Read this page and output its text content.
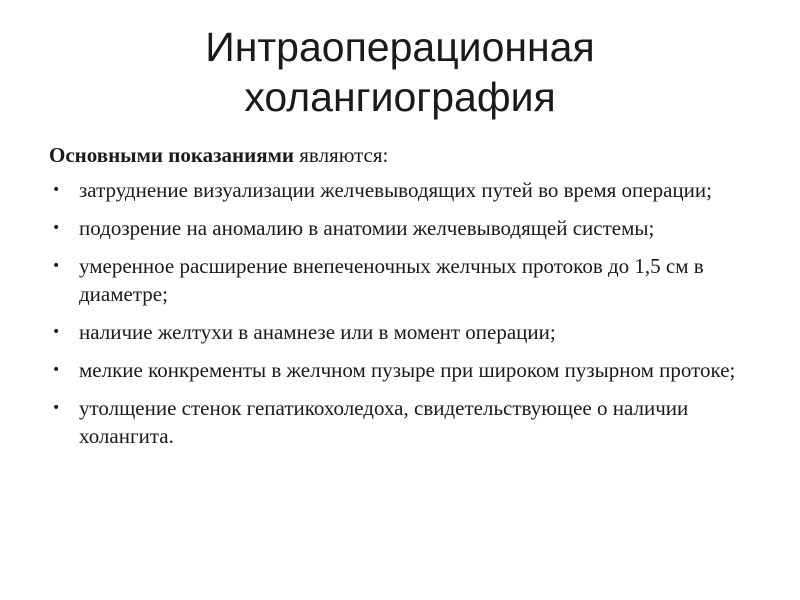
Интраоперационная
холангиография
Основными показаниями являются:
• затруднение визуализации желчевыводящих путей во время операции;
• подозрение на аномалию в анатомии желчевыводящей системы;
• умеренное расширение внепеченочных желчных протоков до 1,5 см в диаметре;
• наличие желтухи в анамнезе или в момент операции;
• мелкие конкременты в желчном пузыре при широком пузырном протоке;
• утолщение стенок гепатикохоледоха, свидетельствующее о наличии холангита.
